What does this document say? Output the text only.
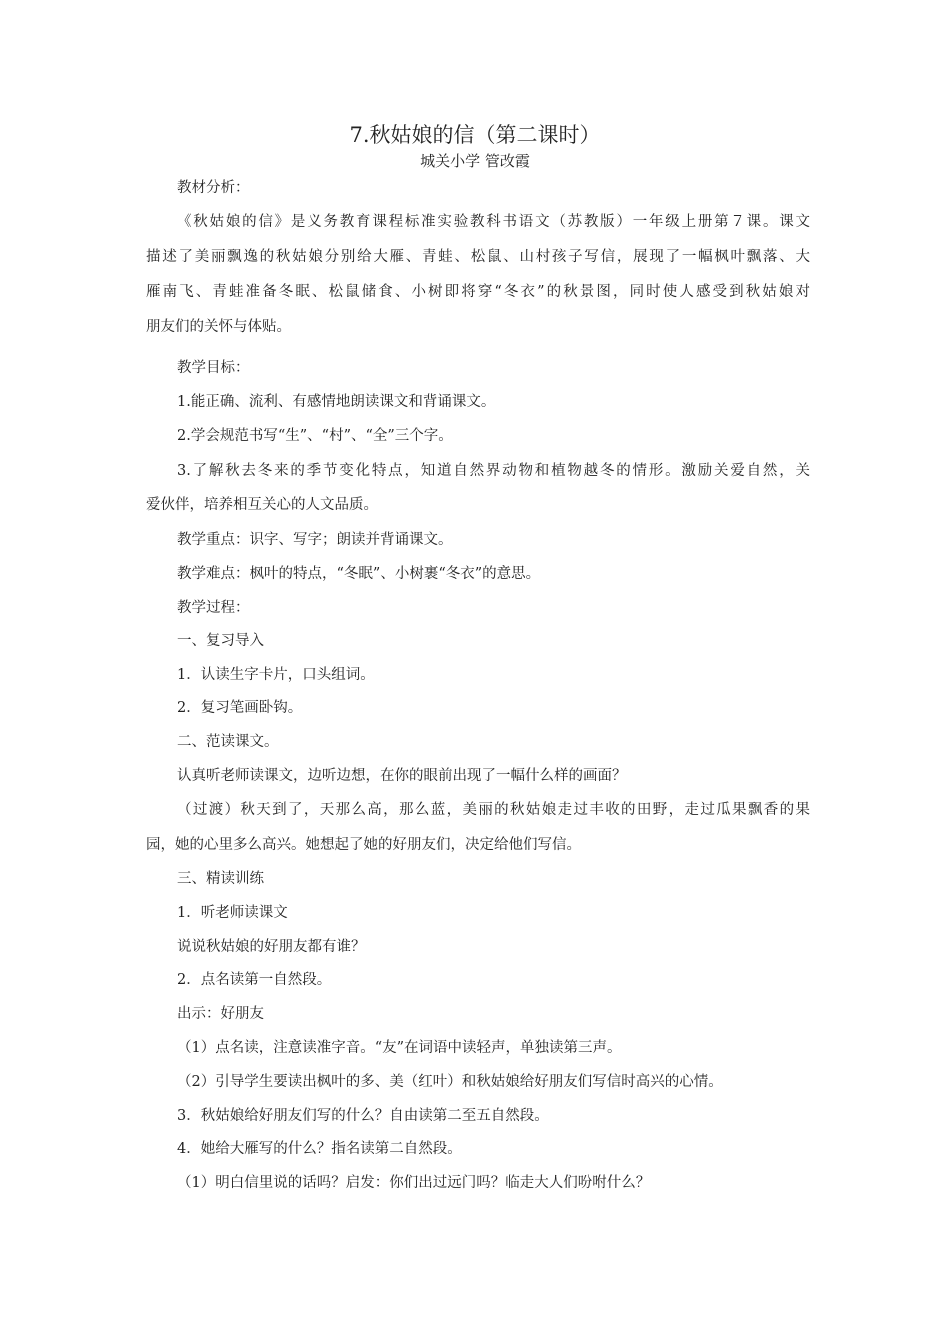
7.秋姑娘的信（第二课时）
城关小学 管改霞
教材分析：
《秋姑娘的信》是义务教育课程标准实验教科书语文（苏教版）一年级上册第７课。课文
描述了美丽飘逸的秋姑娘分别给大雁、青蛙、松鼠、山村孩子写信，展现了一幅枫叶飘落、大
雁南飞、青蛙准备冬眠、松鼠储食、小树即将穿“冬衣”的秋景图，同时使人感受到秋姑娘对
朋友们的关怀与体贴。
教学目标：
1.能正确、流利、有感情地朗读课文和背诵课文。
2.学会规范书写“生”、“村”、“全”三个字。
3.了解秋去冬来的季节变化特点，知道自然界动物和植物越冬的情形。激励关爱自然，关
爱伙伴，培养相互关心的人文品质。
教学重点：识字、写字；朗读并背诵课文。
教学难点：枫叶的特点，“冬眠”、小树裹“冬衣”的意思。
教学过程：
一、复习导入
1．认读生字卡片，口头组词。
2．复习笔画卧钩。
二、范读课文。
认真听老师读课文，边听边想，在你的眼前出现了一幅什么样的画面？
（过渡）秋天到了，天那么高，那么蓝，美丽的秋姑娘走过丰收的田野，走过瓜果飘香的果
园，她的心里多么高兴。她想起了她的好朋友们，决定给他们写信。
三、精读训练
1．听老师读课文
说说秋姑娘的好朋友都有谁？
2．点名读第一自然段。
出示：好朋友
（1）点名读，注意读准字音。“友”在词语中读轻声，单独读第三声。
（2）引导学生要读出枫叶的多、美（红叶）和秋姑娘给好朋友们写信时高兴的心情。
3．秋姑娘给好朋友们写的什么？自由读第二至五自然段。
4．她给大雁写的什么？指名读第二自然段。
（1）明白信里说的话吗？启发：你们出过远门吗？临走大人们吩咐什么？
